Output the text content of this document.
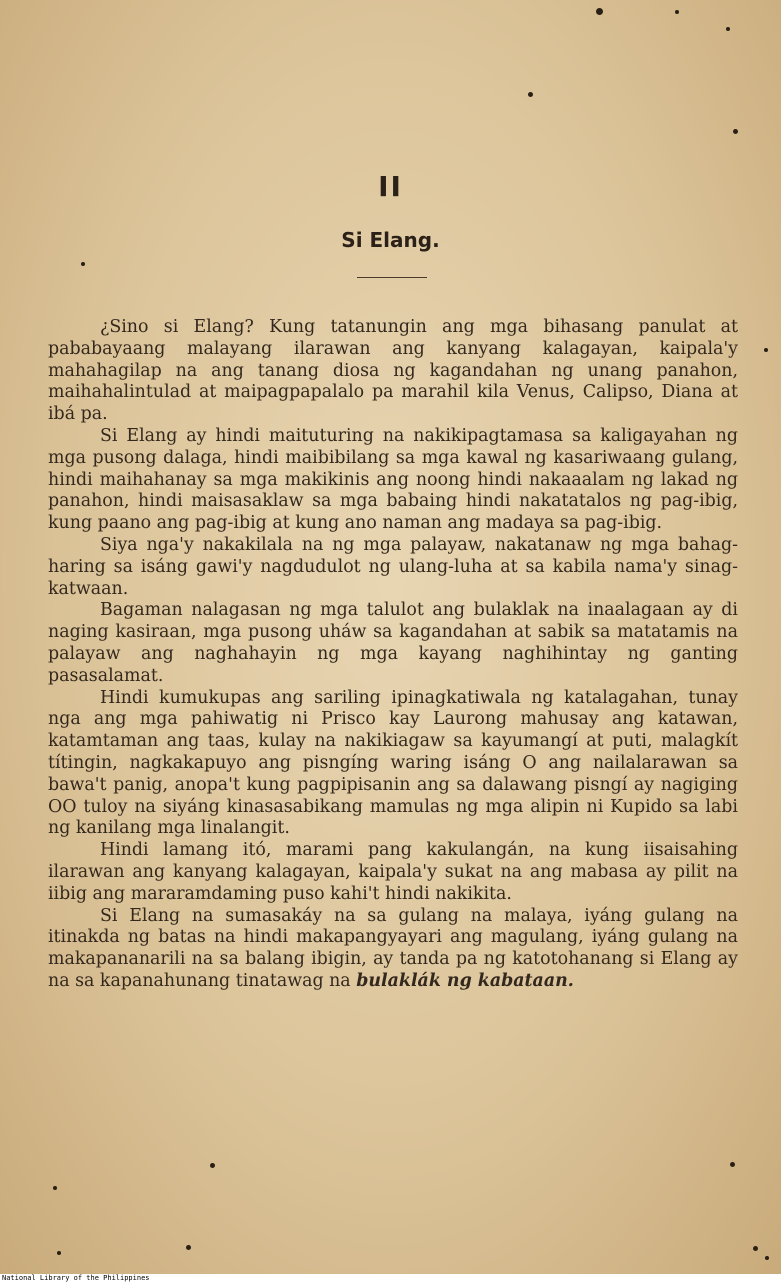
II
Si Elang.

¿Sino si Elang? Kung tatanungin ang mga bihasang panulat at pababayaang malayang ilarawan ang kanyang kalagayan, kaipala'y mahahagilap na ang tanang diosa ng kagandahan ng unang panahon, maihahalintulad at maipagpapalalo pa marahil kila Venus, Calipso, Diana at ibá pa.

Si Elang ay hindi maituturing na nakikipagtamasa sa kaligayahan ng mga pusong dalaga, hindi maibibilang sa mga kawal ng kasariwaang gulang, hindi maihahanay sa mga makikinis ang noong hindi nakaaalam ng lakad ng panahon, hindi maisasaklaw sa mga babaing hindi nakatatalos ng pag-ibig, kung paano ang pag-ibig at kung ano naman ang madaya sa pag-ibig.

Siya nga'y nakakilala na ng mga palayaw, nakatanaw ng mga bahag-haring sa isáng gawi'y nagdudulot ng ulang-luha at sa kabila nama'y sinag-katwaan.

Bagaman nalagasan ng mga talulot ang bulaklak na inaalagaan ay di naging kasiraan, mga pusong uháw sa kagandahan at sabik sa matatamis na palayaw ang naghahayin ng mga kayang naghihintay ng ganting pasasalamat.

Hindi kumukupas ang sariling ipinagkatiwala ng katalagahan, tunay nga ang mga pahiwatig ni Prisco kay Laurong mahusay ang katawan, katamtaman ang taas, kulay na nakikiagaw sa kayumangí at puti, malagkít títingin, nagkakapuyo ang pisngíng waring isáng O ang nailalarawan sa bawa't panig, anopa't kung pagpipisanin ang sa dalawang pisngí ay nagiging OO tuloy na siyáng kinasasabikang mamulas ng mga alipin ni Kupido sa labi ng kanilang mga linalangit.

Hindi lamang itó, marami pang kakulangán, na kung iisaisahing ilarawan ang kanyang kalagayan, kaipala'y sukat na ang mabasa ay pilit na iibig ang mararamdaming puso kahi't hindi nakikita.

Si Elang na sumasakáy na sa gulang na malaya, iyáng gulang na itinakda ng batas na hindi makapangyayari ang magulang, iyáng gulang na makapananarili na sa balang ibigin, ay tanda pa ng katotohanang si Elang ay na sa kapanahunang tinatawag na bulaklák ng kabataan.

National Library of the Philippines
